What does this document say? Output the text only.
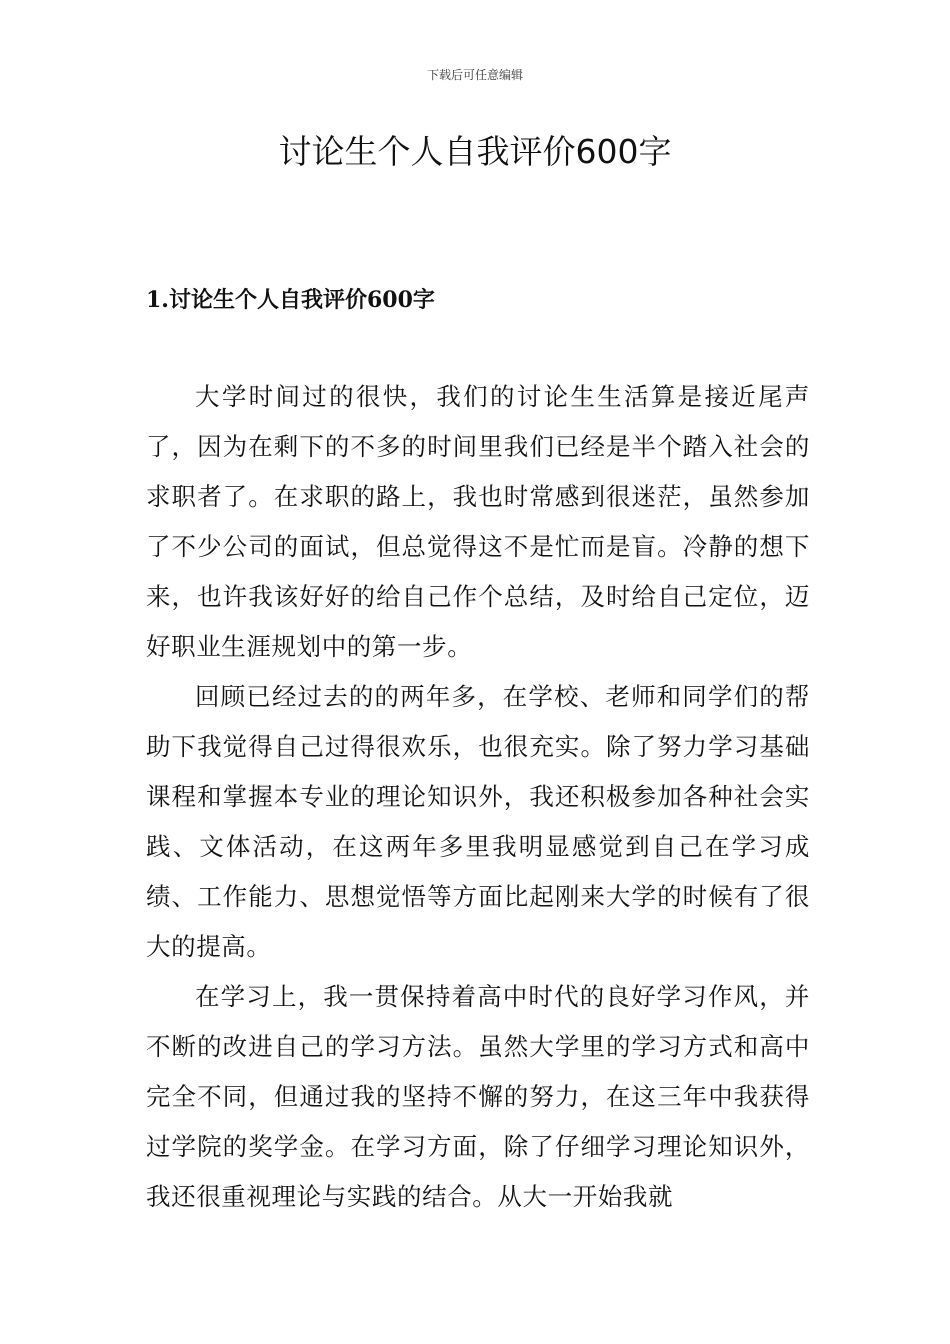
下载后可任意编辑
讨论生个人自我评价600字
1.讨论生个人自我评价600字

大学时间过的很快，我们的讨论生生活算是接近尾声了，因为在剩下的不多的时间里我们已经是半个踏入社会的求职者了。在求职的路上，我也时常感到很迷茫，虽然参加了不少公司的面试，但总觉得这不是忙而是盲。冷静的想下来，也许我该好好的给自己作个总结，及时给自己定位，迈好职业生涯规划中的第一步。

回顾已经过去的的两年多，在学校、老师和同学们的帮助下我觉得自己过得很欢乐，也很充实。除了努力学习基础课程和掌握本专业的理论知识外，我还积极参加各种社会实践、文体活动，在这两年多里我明显感觉到自己在学习成绩、工作能力、思想觉悟等方面比起刚来大学的时候有了很大的提高。

在学习上，我一贯保持着高中时代的良好学习作风，并不断的改进自己的学习方法。虽然大学里的学习方式和高中完全不同，但通过我的坚持不懈的努力，在这三年中我获得过学院的奖学金。在学习方面，除了仔细学习理论知识外，我还很重视理论与实践的结合。从大一开始我就
